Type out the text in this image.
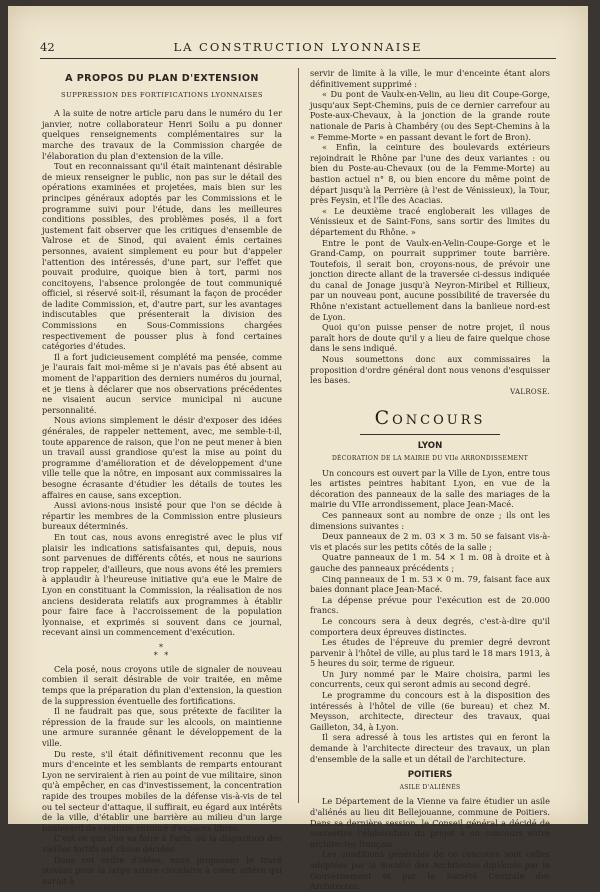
42	LA CONSTRUCTION LYONNAISE
A PROPOS DU PLAN D'EXTENSION
SUPPRESSION DES FORTIFICATIONS LYONNAISES

A la suite de notre article paru dans le numéro du 1er janvier, notre collaborateur Henri Soilu a pu donner quelques renseignements complémentaires sur la marche des travaux de la Commission chargée de l'élaboration du plan d'extension de la ville.

Tout en reconnaissant qu'il était maintenant désirable de mieux renseigner le public, non pas sur le détail des opérations examinées et projetées, mais bien sur les principes généraux adoptés par les Commissions et le programme suivi pour l'étude, dans les meilleures conditions possibles, des problèmes posés, il a fort justement fait observer que les critiques d'ensemble de Valrose et de Sinod, qui avaient émis certaines personnes, avaient simplement eu pour but d'appeler l'attention des intéressés, d'une part, sur l'effet que pouvait produire, quoique bien à tort, parmi nos concitoyens, l'absence prolongée de tout communiqué officiel, si réservé soit-il, résumant la façon de procéder de ladite Commission, et, d'autre part, sur les avantages indiscutables que présenterait la division des Commissions en Sous-Commissions chargées respectivement de pousser plus à fond certaines catégories d'études.

Il a fort judicieusement complété ma pensée, comme je l'aurais fait moi-même si je n'avais pas été absent au moment de l'apparition des derniers numéros du journal, et je tiens à déclarer que nos observations précédentes ne visaient aucun service municipal ni aucune personnalité.

Nous avions simplement le désir d'exposer des idées générales, de rappeler nettement, avec, me semble-t-il, toute apparence de raison, que l'on ne peut mener à bien un travail aussi grandiose qu'est la mise au point du programme d'amélioration et de développement d'une ville telle que la nôtre, en imposant aux commissaires la besogne écrasante d'étudier les détails de toutes les affaires en cause, sans exception.

Aussi avions-nous insisté pour que l'on se décide à répartir les membres de la Commission entre plusieurs bureaux déterminés.

En tout cas, nous avons enregistré avec le plus vif plaisir les indications satisfaisantes qui, depuis, nous sont parvenues de différents côtés, et nous ne saurions trop rappeler, d'ailleurs, que nous avons été les premiers à applaudir à l'heureuse initiative qu'a eue le Maire de Lyon en constituant la Commission, la réalisation de nos anciens desiderata relatifs aux programmes à établir pour faire face à l'accroissement de la population lyonnaise, et exprimés si souvent dans ce journal, recevant ainsi un commencement d'exécution.

*
* *

Cela posé, nous croyons utile de signaler de nouveau combien il serait désirable de voir traitée, en même temps que la préparation du plan d'extension, la question de la suppression éventuelle des fortifications.

Il ne faudrait pas que, sous prétexte de faciliter la répression de la fraude sur les alcools, on maintienne une armure surannée gênant le développement de la ville.

Du reste, s'il était définitivement reconnu que les murs d'enceinte et les semblants de remparts entourant Lyon ne serviraient à rien au point de vue militaire, sinon qu'à empêcher, en cas d'investissement, la concentration rapide des troupes mobiles de la défense vis-à-vis de tel ou tel secteur d'attaque, il suffirait, eu égard aux intérêts de la ville, d'établir une barrière au milieu d'un large boulevard de ceinture entouré d'espaces libres.

C'est ce que l'on va faire à Paris, où la disparition des vieilles fortifs est chose décidée.

Dans cet ordre d'idées, nous proposons le tracé suivant pour la large artère circulaire à créer, artère qui aurait à

servir de limite à la ville, le mur d'enceinte étant alors définitivement supprimé :

« Du pont de Vaulx-en-Velin, au lieu dit Coupe-Gorge, jusqu'aux Sept-Chemins, puis de ce dernier carrefour au Poste-aux-Chevaux, à la jonction de la grande route nationale de Paris à Chambéry (ou des Sept-Chemins à la « Femme-Morte » en passant devant le fort de Bron).

« Enfin, la ceinture des boulevards extérieurs rejoindrait le Rhône par l'une des deux variantes : ou bien du Poste-au-Chevaux (ou de la Femme-Morte) au bastion actuel n° 8, ou bien encore du même point de départ jusqu'à la Perrière (à l'est de Vénissieux), la Tour, près Feysin, et l'Île des Acacias.

« Le deuxième tracé engloberait les villages de Vénissieux et de Saint-Fons, sans sortir des limites du département du Rhône. »

Entre le pont de Vaulx-en-Velin-Coupe-Gorge et le Grand-Camp, on pourrait supprimer toute barrière. Toutefois, il serait bon, croyons-nous, de prévoir une jonction directe allant de la traversée ci-dessus indiquée du canal de Jonage jusqu'à Neyron-Miribel et Rillieux, par un nouveau pont, aucune possibilité de traversée du Rhône n'existant actuellement dans la banlieue nord-est de Lyon.

Quoi qu'on puisse penser de notre projet, il nous paraît hors de doute qu'il y a lieu de faire quelque chose dans le sens indiqué.

Nous soumettons donc aux commissaires la proposition d'ordre général dont nous venons d'esquisser les bases.

VALROSE.
Concours
LYON
DÉCORATION DE LA MAIRIE DU VIIe ARRONDISSEMENT

Un concours est ouvert par la Ville de Lyon, entre tous les artistes peintres habitant Lyon, en vue de la décoration des panneaux de la salle des mariages de la mairie du VIIe arrondissement, place Jean-Macé.

Ces panneaux sont au nombre de onze ; ils ont les dimensions suivantes :

Deux panneaux de 2 m. 03 × 3 m. 50 se faisant vis-à-vis et placés sur les petits côtés de la salle ;

Quatre panneaux de 1 m. 54 × 1 m. 08 à droite et à gauche des panneaux précédents ;

Cinq panneaux de 1 m. 53 × 0 m. 79, faisant face aux baies donnant place Jean-Macé.

La dépense prévue pour l'exécution est de 20.000 francs.

Le concours sera à deux degrés, c'est-à-dire qu'il comportera deux épreuves distinctes.

Les études de l'épreuve du premier degré devront parvenir à l'hôtel de ville, au plus tard le 18 mars 1913, à 5 heures du soir, terme de rigueur.

Un Jury nommé par le Maire choisira, parmi les concurrents, ceux qui seront admis au second degré.

Le programme du concours est à la disposition des intéressés à l'hôtel de ville (6e bureau) et chez M. Meysson, architecte, directeur des travaux, quai Gailleton, 34, à Lyon.

Il sera adressé à tous les artistes qui en feront la demande à l'architecte directeur des travaux, un plan d'ensemble de la salle et un détail de l'architecture.

POITIERS
ASILE D'ALIÉNÉS

Le Département de la Vienne va faire étudier un asile d'aliénés au lieu dit Bellejouanne, commune de Poitiers. Dans sa dernière session, le Conseil général a décidé de soumettre l'élaboration du projet à un concours entre architectes français.

Les conditions générales de ce concours sont celles adoptées par la Société des Architectes diplômés par le Gouvernement et par la Société Centrale des Architectes.
